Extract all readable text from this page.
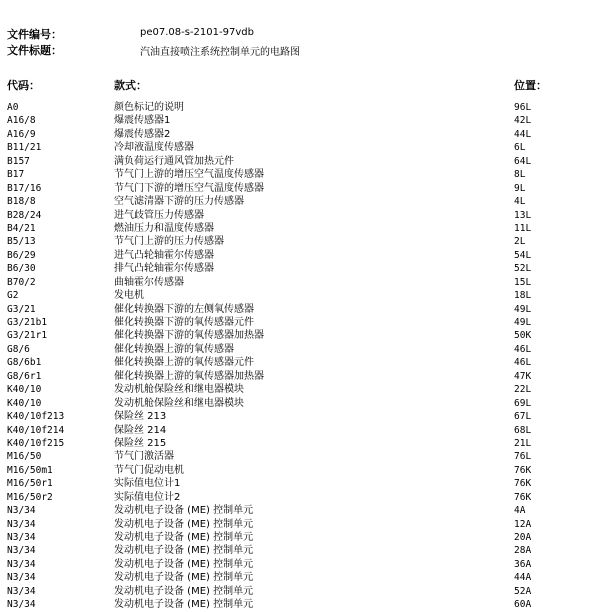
文件编号：	pe07.08-s-2101-97vdb
文件标题：	汽油直接喷注系统控制单元的电路图
代码：	款式：	位置：
A0	颜色标记的说明	96L
A16/8	爆震传感器1	42L
A16/9	爆震传感器2	44L
B11/21	冷却液温度传感器	6L
B157	满负荷运行通风管加热元件	64L
B17	节气门上游的增压空气温度传感器	8L
B17/16	节气门下游的增压空气温度传感器	9L
B18/8	空气滤清器下游的压力传感器	4L
B28/24	进气歧管压力传感器	13L
B4/21	燃油压力和温度传感器	11L
B5/13	节气门上游的压力传感器	2L
B6/29	进气凸轮轴霍尔传感器	54L
B6/30	排气凸轮轴霍尔传感器	52L
B70/2	曲轴霍尔传感器	15L
G2	发电机	18L
G3/21	催化转换器下游的左侧氧传感器	49L
G3/21b1	催化转换器下游的氧传感器元件	49L
G3/21r1	催化转换器下游的氧传感器加热器	50K
G8/6	催化转换器上游的氧传感器	46L
G8/6b1	催化转换器上游的氧传感器元件	46L
G8/6r1	催化转换器上游的氧传感器加热器	47K
K40/10	发动机舱保险丝和继电器模块	22L
K40/10	发动机舱保险丝和继电器模块	69L
K40/10f213	保险丝 213	67L
K40/10f214	保险丝 214	68L
K40/10f215	保险丝 215	21L
M16/50	节气门激活器	76L
M16/50m1	节气门促动电机	76K
M16/50r1	实际值电位计1	76K
M16/50r2	实际值电位计2	76K
N3/34	发动机电子设备 (ME) 控制单元	4A
N3/34	发动机电子设备 (ME) 控制单元	12A
N3/34	发动机电子设备 (ME) 控制单元	20A
N3/34	发动机电子设备 (ME) 控制单元	28A
N3/34	发动机电子设备 (ME) 控制单元	36A
N3/34	发动机电子设备 (ME) 控制单元	44A
N3/34	发动机电子设备 (ME) 控制单元	52A
N3/34	发动机电子设备 (ME) 控制单元	60A
